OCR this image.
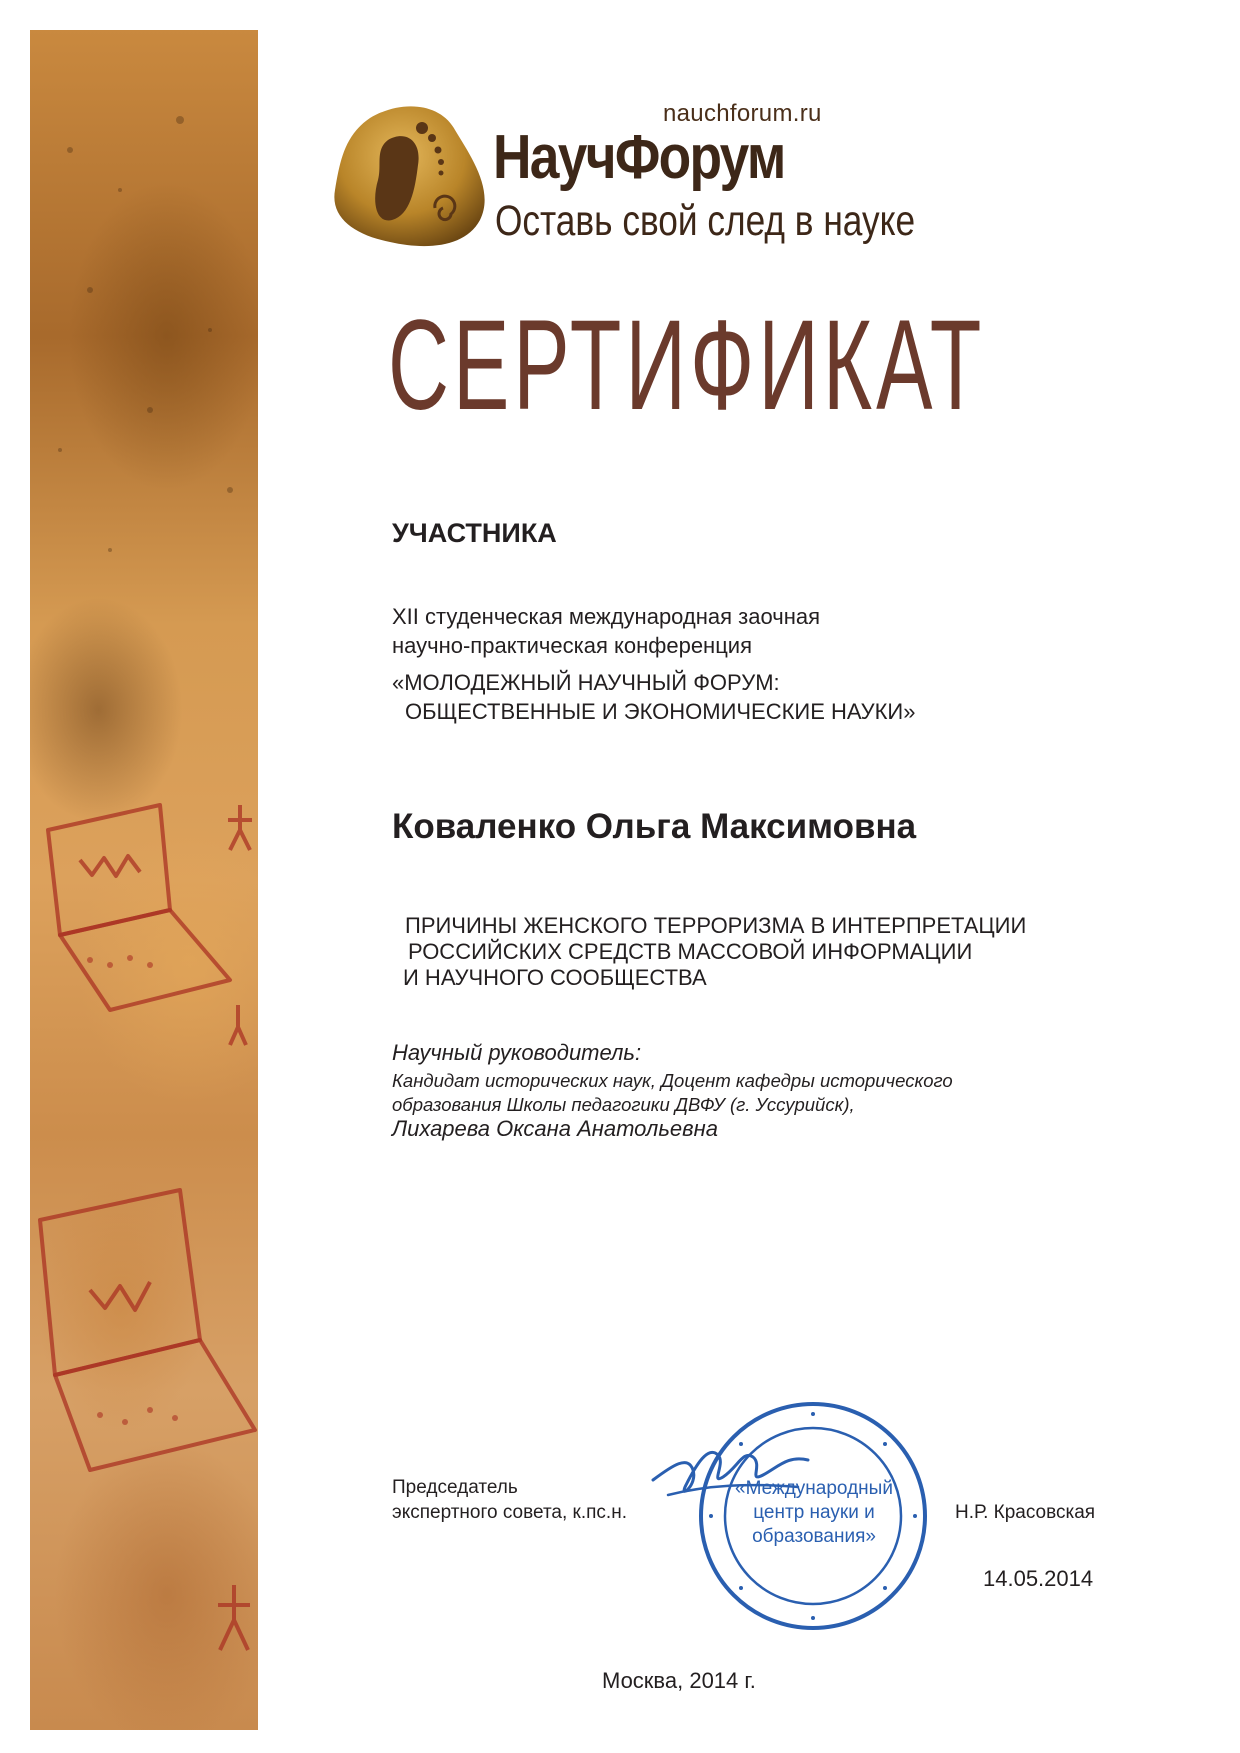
nauchforum.ru
НаучФорум
Оставь свой след в науке
СЕРТИФИКАТ
УЧАСТНИКА
XII студенческая международная заочная
научно-практическая конференция
«МОЛОДЕЖНЫЙ НАУЧНЫЙ ФОРУМ:
ОБЩЕСТВЕННЫЕ И ЭКОНОМИЧЕСКИЕ НАУКИ»
Коваленко Ольга Максимовна
ПРИЧИНЫ ЖЕНСКОГО ТЕРРОРИЗМА В ИНТЕРПРЕТАЦИИ
РОССИЙСКИХ СРЕДСТВ МАССОВОЙ ИНФОРМАЦИИ
И НАУЧНОГО СООБЩЕСТВА
Научный руководитель:
Кандидат исторических наук, Доцент кафедры исторического
образования Школы педагогики ДВФУ (г. Уссурийск),
Лихарева Оксана Анатольевна
Председатель
экспертного совета, к.пс.н.	Н.Р. Красовская
«Международный
центр науки и
образования»
14.05.2014
Москва, 2014 г.
